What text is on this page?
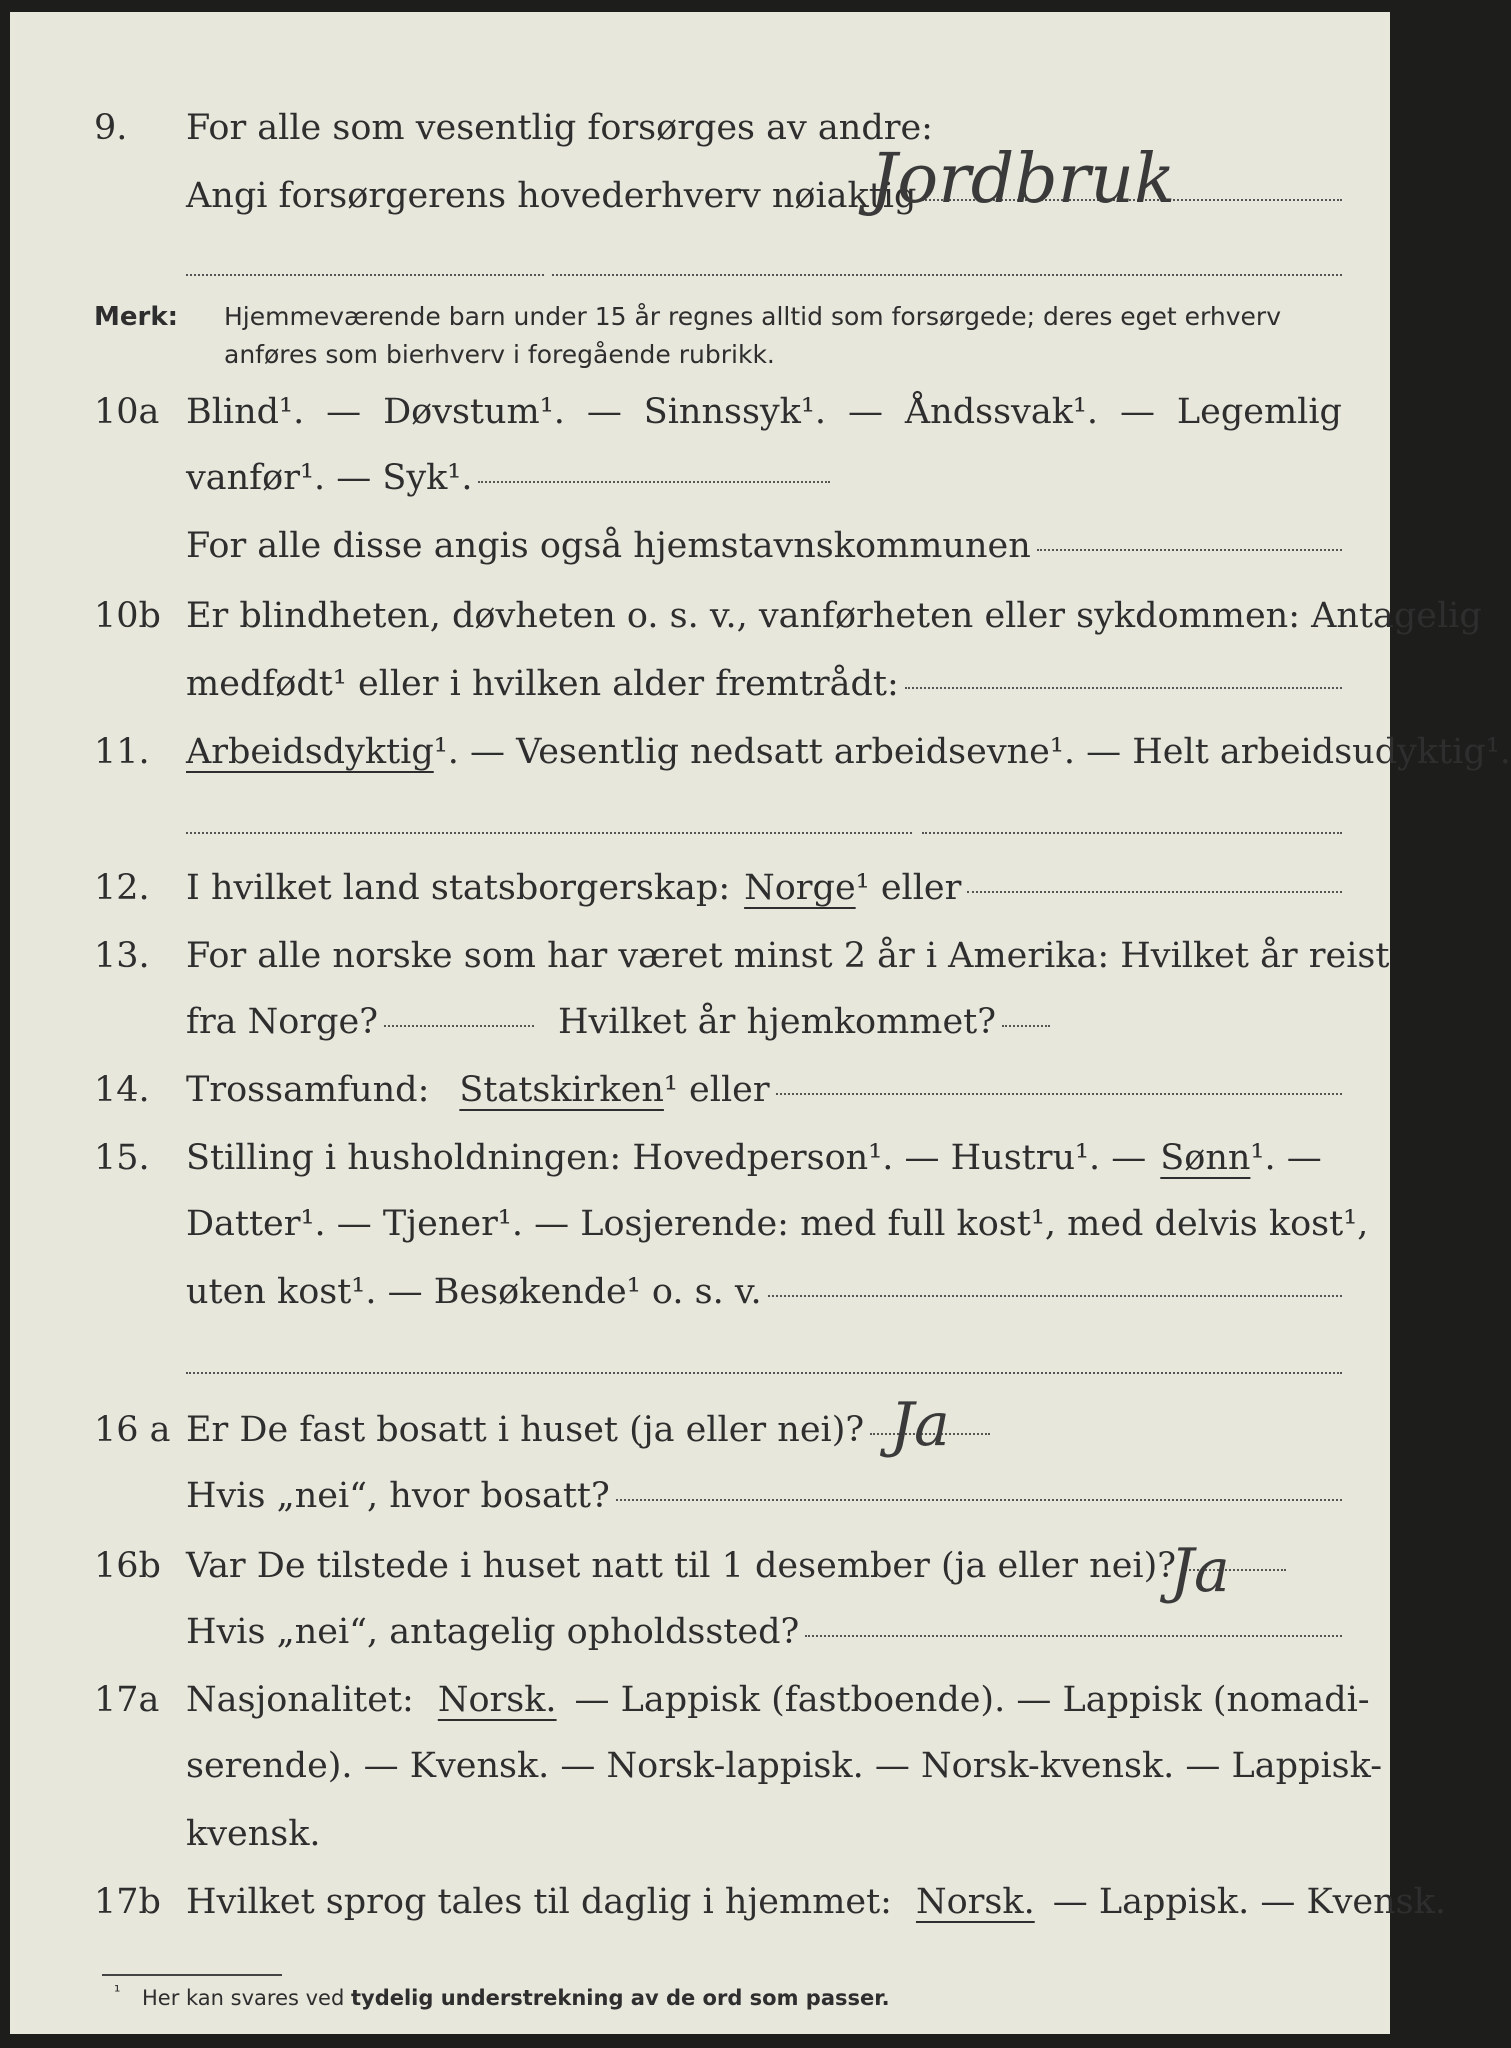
9. For alle som vesentlig forsørges av andre:
Angi forsørgerens hovederhverv nøiaktig
Jordbruk
Merk: Hjemmeværende barn under 15 år regnes alltid som forsørgede; deres eget erhverv
anføres som bierhverv i foregående rubrikk.
10a Blind¹. — Døvstum¹. — Sinnssyk¹. — Åndssvak¹. — Legemlig
vanfør¹. — Syk¹.
For alle disse angis også hjemstavnskommunen
10b Er blindheten, døvheten o. s. v., vanførheten eller sykdommen: Antagelig
medfødt¹ eller i hvilken alder fremtrådt:
11. Arbeidsdyktig ¹. — Vesentlig nedsatt arbeidsevne¹. — Helt arbeidsudyktig¹.
12. I hvilket land statsborgerskap: Norge ¹ eller
13. For alle norske som har været minst 2 år i Amerika: Hvilket år reist
fra Norge?	Hvilket år hjemkommet?
14. Trossamfund: Statskirken ¹ eller
15. Stilling i husholdningen: Hovedperson¹. — Hustru¹. — Sønn ¹. —
Datter¹. — Tjener¹. — Losjerende: med full kost¹, med delvis kost¹,
uten kost¹. — Besøkende¹ o. s. v.
16 a Er De fast bosatt i huset (ja eller nei)? Ja
Hvis „nei“, hvor bosatt?
16b Var De tilstede i huset natt til 1 desember (ja eller nei)?
Ja
Hvis „nei“, antagelig opholdssted?
17a Nasjonalitet: Norsk. — Lappisk (fastboende). — Lappisk (nomadi-
serende). — Kvensk. — Norsk-lappisk. — Norsk-kvensk. — Lappisk-
kvensk.
17b Hvilket sprog tales til daglig i hjemmet: Norsk. — Lappisk. — Kvensk.
¹ Her kan svares ved tydelig understrekning av de ord som passer.
